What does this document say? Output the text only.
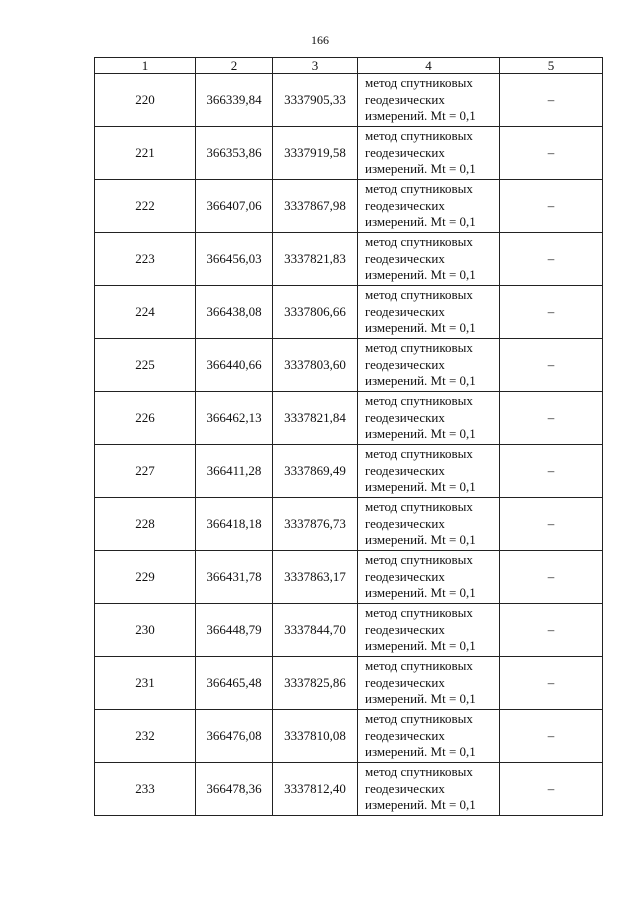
166
1	2	3	4	5
220	366339,84	3337905,33	метод спутниковых
геодезических
измерений. Mt = 0,1	–
221	366353,86	3337919,58	метод спутниковых
геодезических
измерений. Mt = 0,1	–
222	366407,06	3337867,98	метод спутниковых
геодезических
измерений. Mt = 0,1	–
223	366456,03	3337821,83	метод спутниковых
геодезических
измерений. Mt = 0,1	–
224	366438,08	3337806,66	метод спутниковых
геодезических
измерений. Mt = 0,1	–
225	366440,66	3337803,60	метод спутниковых
геодезических
измерений. Mt = 0,1	–
226	366462,13	3337821,84	метод спутниковых
геодезических
измерений. Mt = 0,1	–
227	366411,28	3337869,49	метод спутниковых
геодезических
измерений. Mt = 0,1	–
228	366418,18	3337876,73	метод спутниковых
геодезических
измерений. Mt = 0,1	–
229	366431,78	3337863,17	метод спутниковых
геодезических
измерений. Mt = 0,1	–
230	366448,79	3337844,70	метод спутниковых
геодезических
измерений. Mt = 0,1	–
231	366465,48	3337825,86	метод спутниковых
геодезических
измерений. Mt = 0,1	–
232	366476,08	3337810,08	метод спутниковых
геодезических
измерений. Mt = 0,1	–
233	366478,36	3337812,40	метод спутниковых
геодезических
измерений. Mt = 0,1	–
